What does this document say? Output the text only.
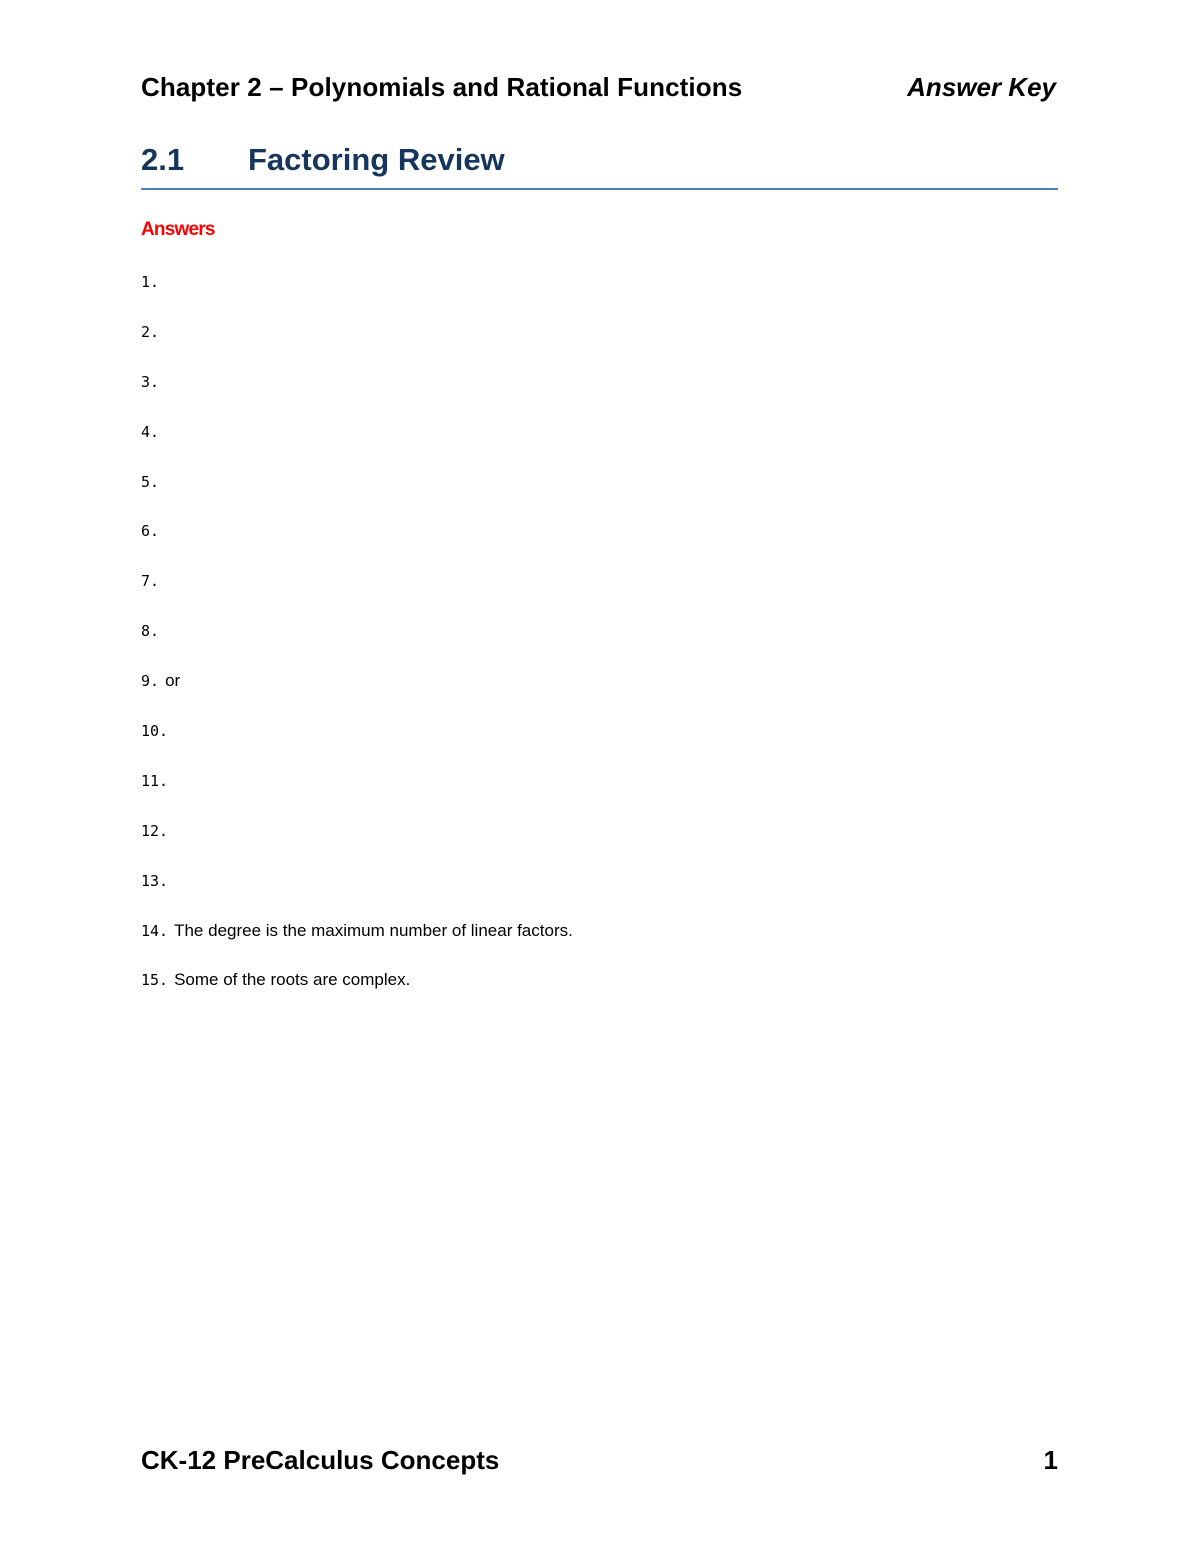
Chapter 2 – Polynomials and Rational Functions	Answer Key
2.1 Factoring Review
Answers
1.
2.
3.
4.
5.
6.
7.
8.
9. or
10.
11.
12.
13.
14. The degree is the maximum number of linear factors.
15. Some of the roots are complex.
CK-12 PreCalculus Concepts	1
